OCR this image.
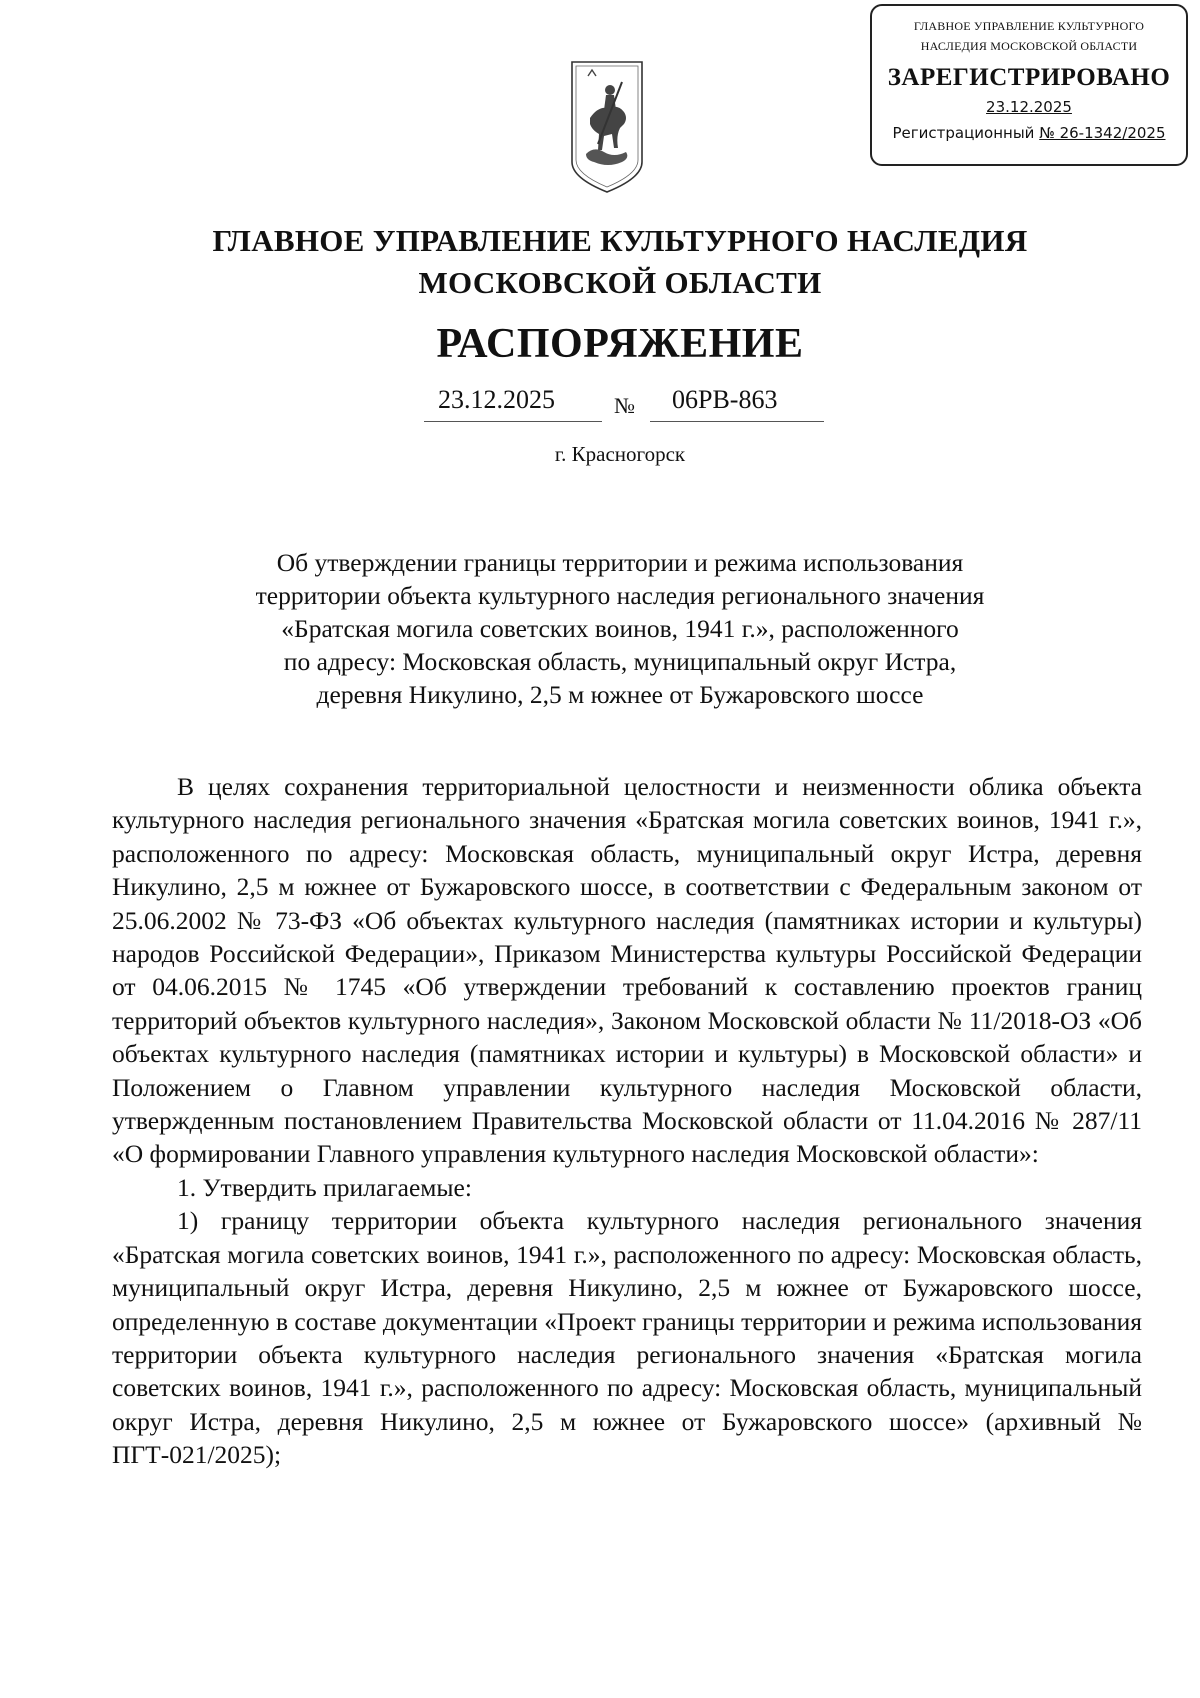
ГЛАВНОЕ УПРАВЛЕНИЕ КУЛЬТУРНОГО
НАСЛЕДИЯ МОСКОВСКОЙ ОБЛАСТИ
ЗАРЕГИСТРИРОВАНО
23.12.2025
Регистрационный № 26-1342/2025
ГЛАВНОЕ УПРАВЛЕНИЕ КУЛЬТУРНОГО НАСЛЕДИЯ
МОСКОВСКОЙ ОБЛАСТИ
РАСПОРЯЖЕНИЕ
23.12.2025	№ 06РВ-863
г. Красногорск
Об утверждении границы территории и режима использования
территории объекта культурного наследия регионального значения
«Братская могила советских воинов, 1941 г.», расположенного
по адресу: Московская область, муниципальный округ Истра,
деревня Никулино, 2,5 м южнее от Бужаровского шоссе

В целях сохранения территориальной целостности и неизменности облика объекта культурного наследия регионального значения «Братская могила советских воинов, 1941 г.», расположенного по адресу: Московская область, муниципальный округ Истра, деревня Никулино, 2,5 м южнее от Бужаровского шоссе, в соответствии с Федеральным законом от 25.06.2002 № 73-ФЗ «Об объектах культурного наследия (памятниках истории и культуры) народов Российской Федерации», Приказом Министерства культуры Российской Федерации от 04.06.2015 № 1745 «Об утверждении требований к составлению проектов границ территорий объектов культурного наследия», Законом Московской области № 11/2018-ОЗ «Об объектах культурного наследия (памятниках истории и культуры) в Московской области» и Положением о Главном управлении культурного наследия Московской области, утвержденным постановлением Правительства Московской области от 11.04.2016 № 287/11 «О формировании Главного управления культурного наследия Московской области»:

1. Утвердить прилагаемые:

1) границу территории объекта культурного наследия регионального значения «Братская могила советских воинов, 1941 г.», расположенного по адресу: Московская область, муниципальный округ Истра, деревня Никулино, 2,5 м южнее от Бужаровского шоссе, определенную в составе документации «Проект границы территории и режима использования территории объекта культурного наследия регионального значения «Братская могила советских воинов, 1941 г.», расположенного по адресу: Московская область, муниципальный округ Истра, деревня Никулино, 2,5 м южнее от Бужаровского шоссе» (архивный № ПГТ-021/2025);
